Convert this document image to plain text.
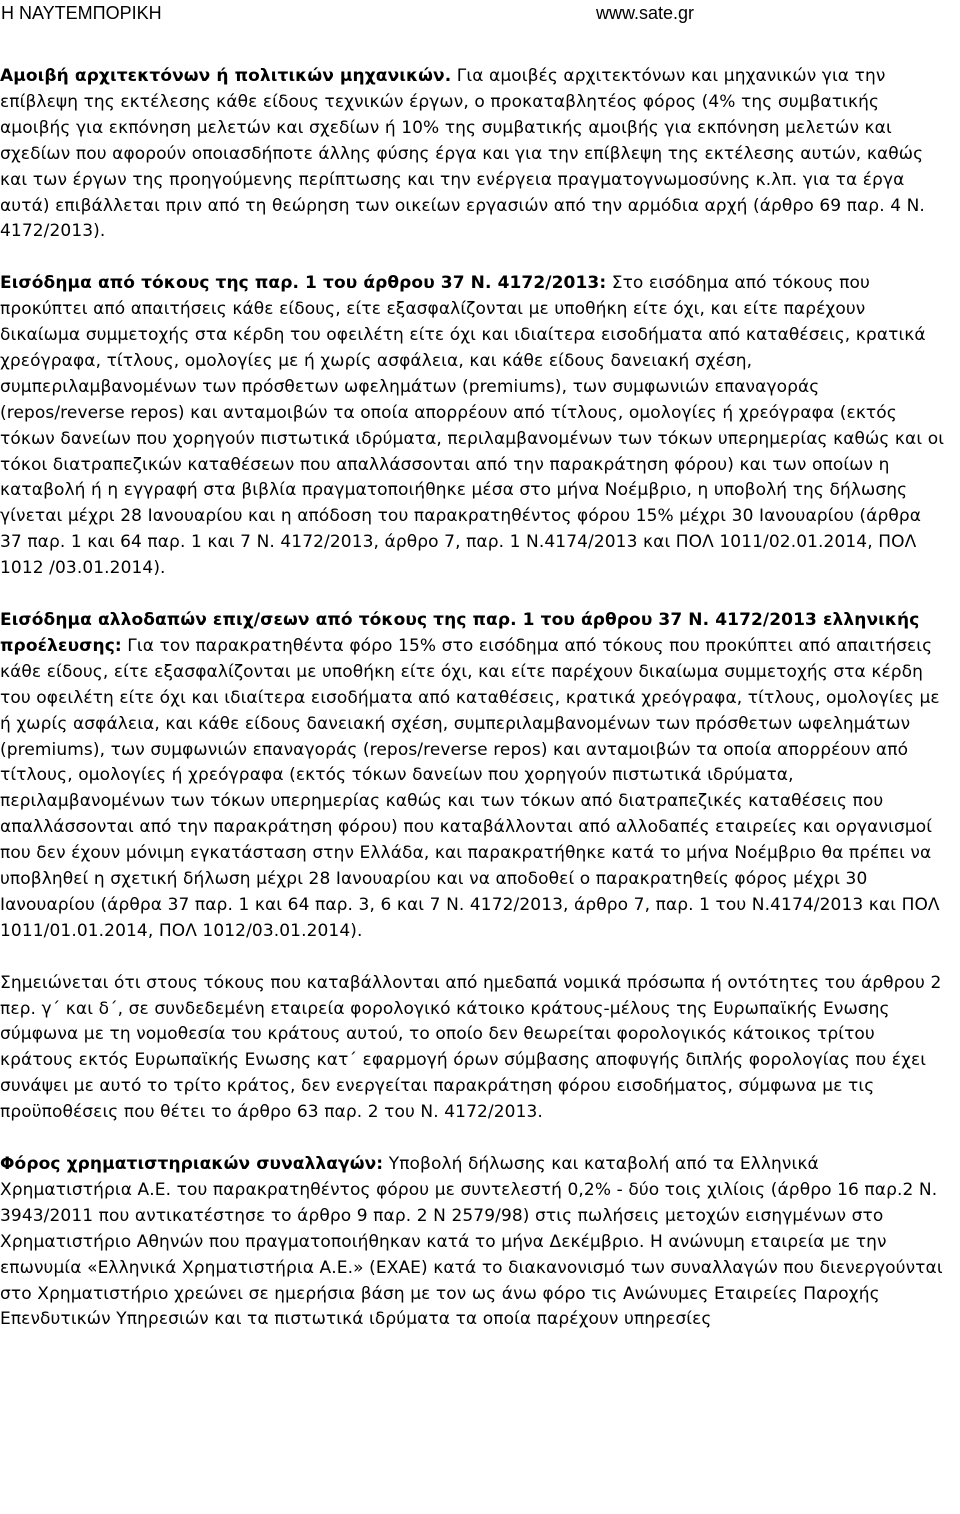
Η ΝΑΥΤΕΜΠΟΡΙΚΗ	www.sate.gr

Αμοιβή αρχιτεκτόνων ή πολιτικών μηχανικών. Για αμοιβές αρχιτεκτόνων και μηχανικών για την επίβλεψη της εκτέλεσης κάθε είδους τεχνικών έργων, ο προκαταβλητέος φόρος (4% της συμβατικής αμοιβής για εκπόνηση μελετών και σχεδίων ή 10% της συμβατικής αμοιβής για εκπόνηση μελετών και σχεδίων που αφορούν οποιασδήποτε άλλης φύσης έργα και για την επίβλεψη της εκτέλεσης αυτών, καθώς και των έργων της προηγούμενης περίπτωσης και την ενέργεια πραγματογνωμοσύνης κ.λπ. για τα έργα αυτά) επιβάλλεται πριν από τη θεώρηση των οικείων εργασιών από την αρμόδια αρχή (άρθρο 69 παρ. 4 Ν. 4172/2013).

Εισόδημα από τόκους της παρ. 1 του άρθρου 37 Ν. 4172/2013: Στο εισόδημα από τόκους που προκύπτει από απαιτήσεις κάθε είδους, είτε εξασφαλίζονται με υποθήκη είτε όχι, και είτε παρέχουν δικαίωμα συμμετοχής στα κέρδη του οφειλέτη είτε όχι και ιδιαίτερα εισοδήματα από καταθέσεις, κρατικά χρεόγραφα, τίτλους, ομολογίες με ή χωρίς ασφάλεια, και κάθε είδους δανειακή σχέση, συμπεριλαμβανομένων των πρόσθετων ωφελημάτων (premiums), των συμφωνιών επαναγοράς (repos/reverse repos) και ανταμοιβών τα οποία απορρέουν από τίτλους, ομολογίες ή χρεόγραφα (εκτός τόκων δανείων που χορηγούν πιστωτικά ιδρύματα, περιλαμβανομένων των τόκων υπερημερίας καθώς και οι τόκοι διατραπεζικών καταθέσεων που απαλλάσσονται από την παρακράτηση φόρου) και των οποίων η καταβολή ή η εγγραφή στα βιβλία πραγματοποιήθηκε μέσα στο μήνα Νοέμβριο, η υποβολή της δήλωσης γίνεται μέχρι 28 Ιανουαρίου και η απόδοση του παρακρατηθέντος φόρου 15% μέχρι 30 Ιανουαρίου (άρθρα 37 παρ. 1 και 64 παρ. 1 και 7 Ν. 4172/2013, άρθρο 7, παρ. 1 Ν.4174/2013 και ΠΟΛ 1011/02.01.2014, ΠΟΛ 1012 /03.01.2014).

Εισόδημα αλλοδαπών επιχ/σεων από τόκους της παρ. 1 του άρθρου 37 Ν. 4172/2013 ελληνικής προέλευσης: Για τον παρακρατηθέντα φόρο 15% στο εισόδημα από τόκους που προκύπτει από απαιτήσεις κάθε είδους, είτε εξασφαλίζονται με υποθήκη είτε όχι, και είτε παρέχουν δικαίωμα συμμετοχής στα κέρδη του οφειλέτη είτε όχι και ιδιαίτερα εισοδήματα από καταθέσεις, κρατικά χρεόγραφα, τίτλους, ομολογίες με ή χωρίς ασφάλεια, και κάθε είδους δανειακή σχέση, συμπεριλαμβανομένων των πρόσθετων ωφελημάτων (premiums), των συμφωνιών επαναγοράς (repos/reverse repos) και ανταμοιβών τα οποία απορρέουν από τίτλους, ομολογίες ή χρεόγραφα (εκτός τόκων δανείων που χορηγούν πιστωτικά ιδρύματα, περιλαμβανομένων των τόκων υπερημερίας καθώς και των τόκων από διατραπεζικές καταθέσεις που απαλλάσσονται από την παρακράτηση φόρου) που καταβάλλονται από αλλοδαπές εταιρείες και οργανισμοί που δεν έχουν μόνιμη εγκατάσταση στην Ελλάδα, και παρακρατήθηκε κατά το μήνα Νοέμβριο θα πρέπει να υποβληθεί η σχετική δήλωση μέχρι 28 Ιανουαρίου και να αποδοθεί ο παρακρατηθείς φόρος μέχρι 30 Ιανουαρίου (άρθρα 37 παρ. 1 και 64 παρ. 3, 6 και 7 Ν. 4172/2013, άρθρο 7, παρ. 1 του Ν.4174/2013 και ΠΟΛ 1011/01.01.2014, ΠΟΛ 1012/03.01.2014).

Σημειώνεται ότι στους τόκους που καταβάλλονται από ημεδαπά νομικά πρόσωπα ή οντότητες του άρθρου 2 περ. γ΄ και δ΄, σε συνδεδεμένη εταιρεία φορολογικό κάτοικο κράτους-μέλους της Ευρωπαϊκής Ενωσης σύμφωνα με τη νομοθεσία του κράτους αυτού, το οποίο δεν θεωρείται φορολογικός κάτοικος τρίτου κράτους εκτός Ευρωπαϊκής Ενωσης κατ΄ εφαρμογή όρων σύμβασης αποφυγής διπλής φορολογίας που έχει συνάψει με αυτό το τρίτο κράτος, δεν ενεργείται παρακράτηση φόρου εισοδήματος, σύμφωνα με τις προϋποθέσεις που θέτει το άρθρο 63 παρ. 2 του Ν. 4172/2013.

Φόρος χρηματιστηριακών συναλλαγών: Υποβολή δήλωσης και καταβολή από τα Ελληνικά Χρηματιστήρια Α.Ε. του παρακρατηθέντος φόρου με συντελεστή 0,2% - δύο τοις χιλίοις (άρθρο 16 παρ.2 Ν. 3943/2011 που αντικατέστησε το άρθρο 9 παρ. 2 Ν 2579/98) στις πωλήσεις μετοχών εισηγμένων στο Χρηματιστήριο Αθηνών που πραγματοποιήθηκαν κατά το μήνα Δεκέμβριο. Η ανώνυμη εταιρεία με την επωνυμία «Ελληνικά Χρηματιστήρια Α.Ε.» (ΕΧΑΕ) κατά το διακανονισμό των συναλλαγών που διενεργούνται στο Χρηματιστήριο χρεώνει σε ημερήσια βάση με τον ως άνω φόρο τις Ανώνυμες Εταιρείες Παροχής Επενδυτικών Υπηρεσιών και τα πιστωτικά ιδρύματα τα οποία παρέχουν υπηρεσίες
